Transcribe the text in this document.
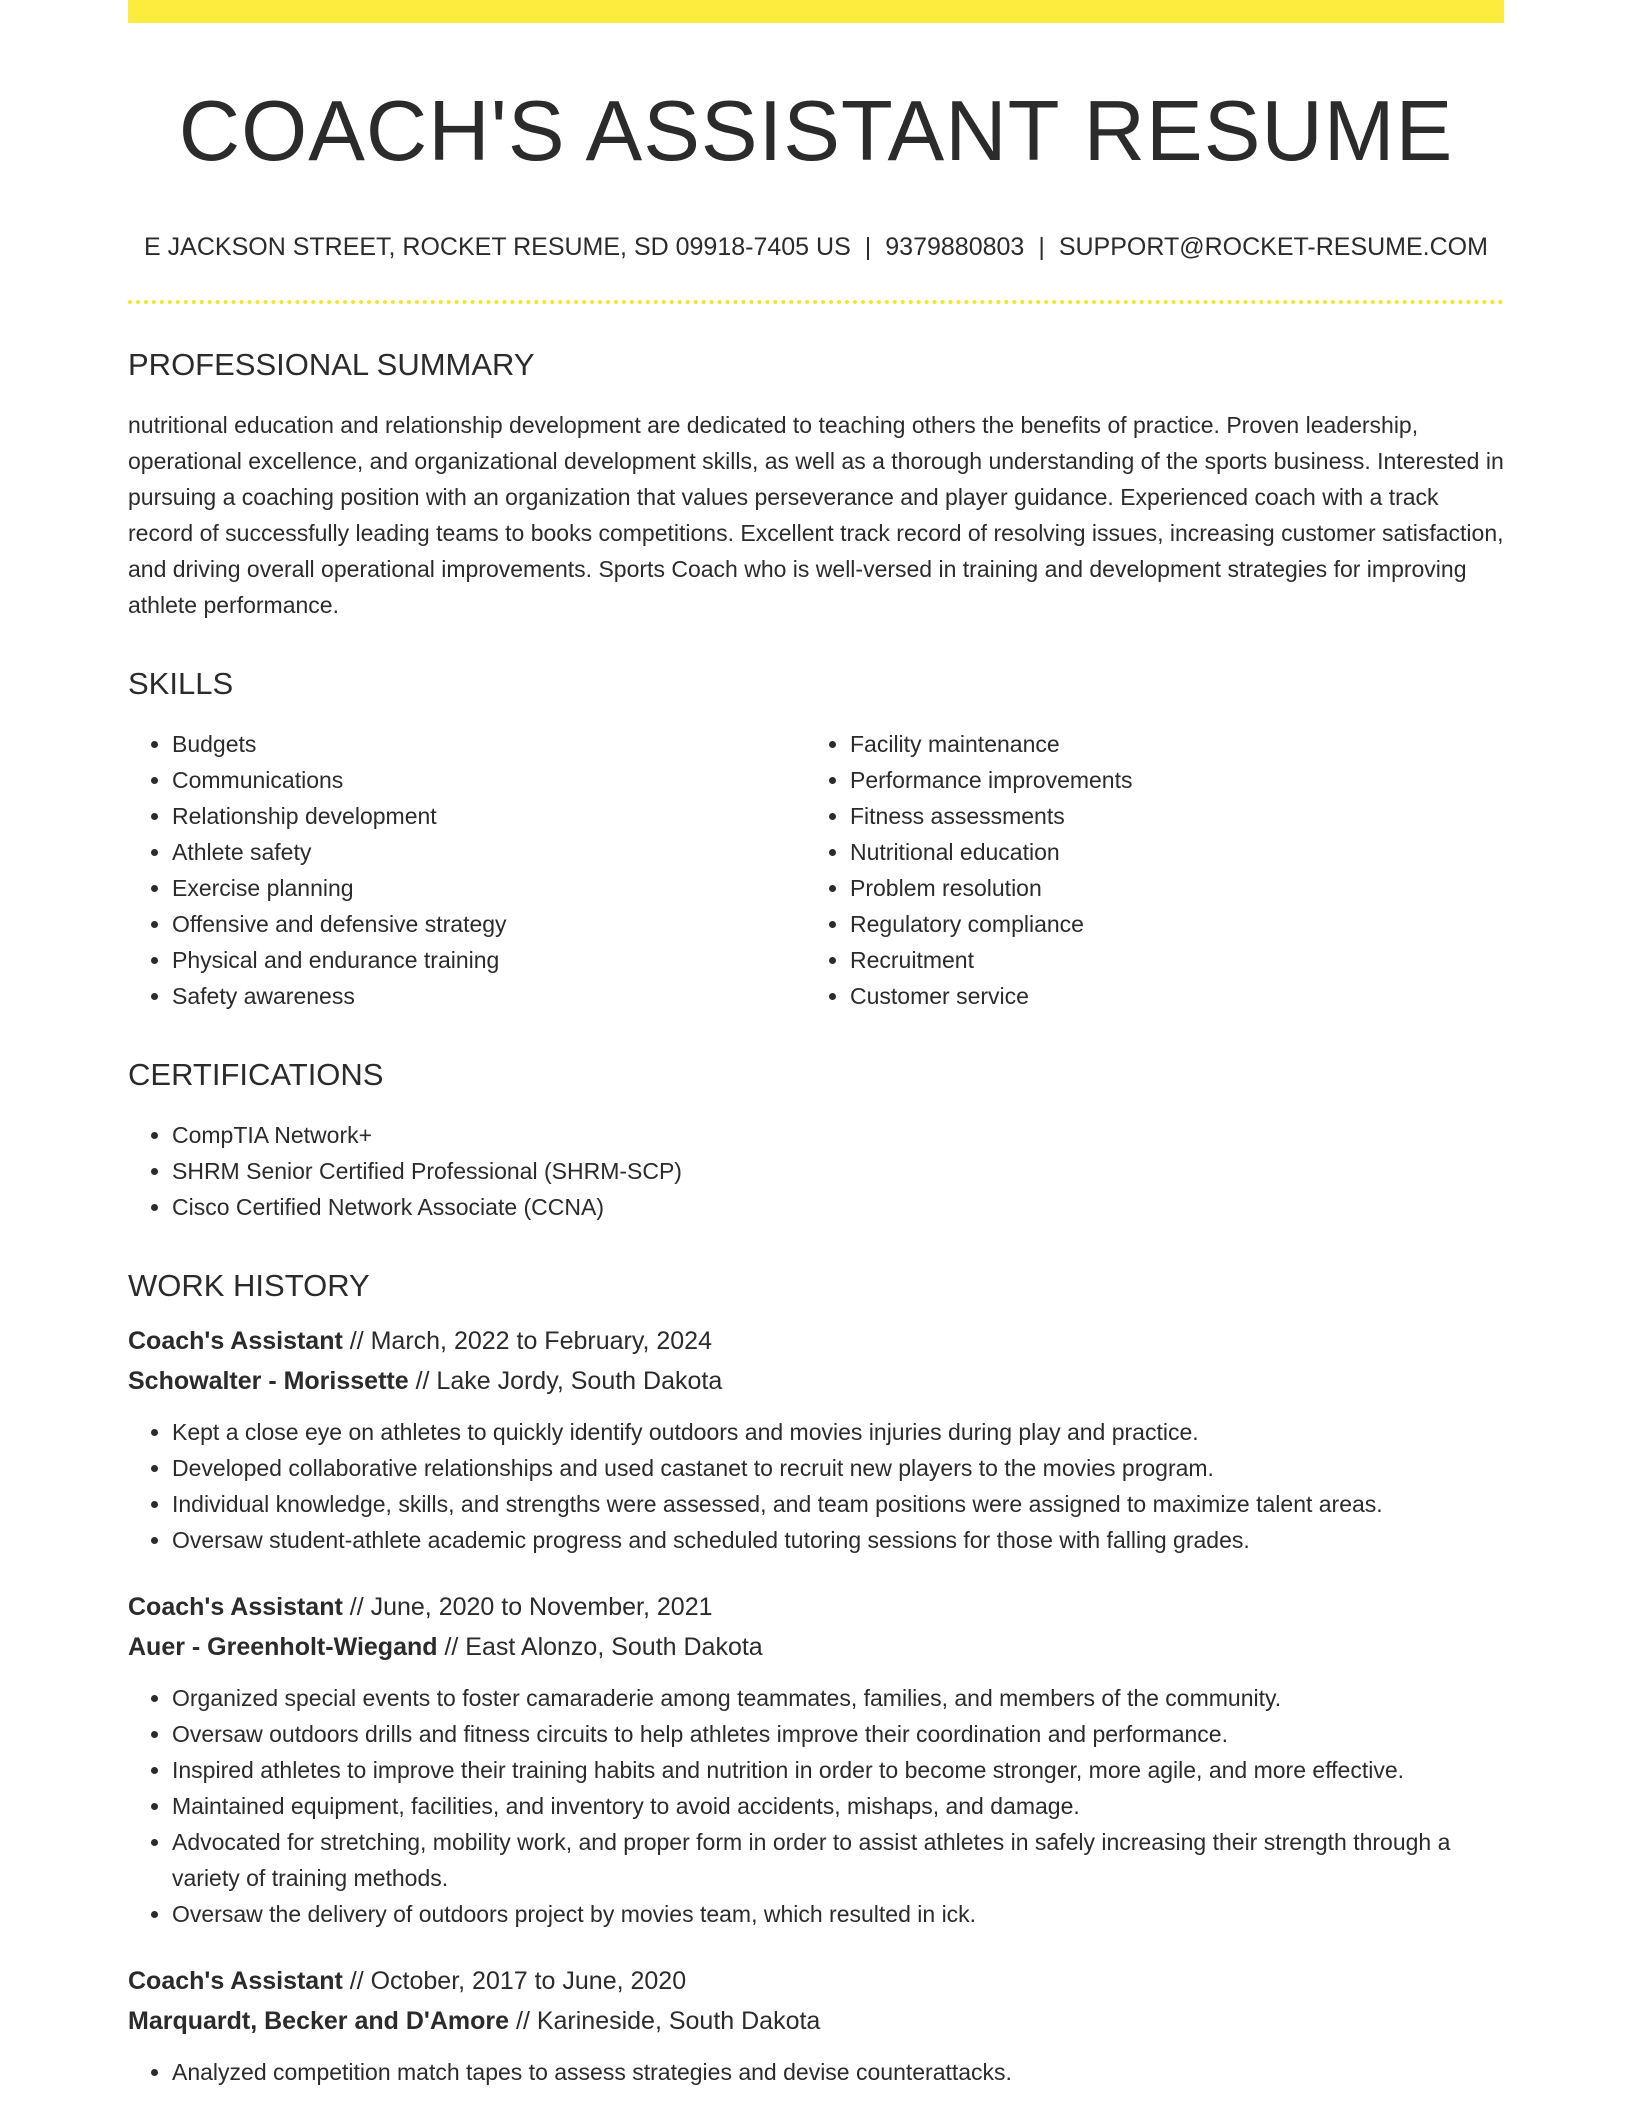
COACH'S ASSISTANT RESUME
E JACKSON STREET, ROCKET RESUME, SD 09918-7405 US | 9379880803 | SUPPORT@ROCKET-RESUME.COM
PROFESSIONAL SUMMARY

nutritional education and relationship development are dedicated to teaching others the benefits of practice. Proven leadership, operational excellence, and organizational development skills, as well as a thorough understanding of the sports business. Interested in pursuing a coaching position with an organization that values perseverance and player guidance. Experienced coach with a track record of successfully leading teams to books competitions. Excellent track record of resolving issues, increasing customer satisfaction, and driving overall operational improvements. Sports Coach who is well-versed in training and development strategies for improving athlete performance.

SKILLS
• Budgets
• Communications
• Relationship development
• Athlete safety
• Exercise planning
• Offensive and defensive strategy
• Physical and endurance training
• Safety awareness
• Facility maintenance
• Performance improvements
• Fitness assessments
• Nutritional education
• Problem resolution
• Regulatory compliance
• Recruitment
• Customer service
CERTIFICATIONS
• CompTIA Network+
• SHRM Senior Certified Professional (SHRM-SCP)
• Cisco Certified Network Associate (CCNA)
WORK HISTORY
Coach's Assistant // March, 2022 to February, 2024
Schowalter - Morissette // Lake Jordy, South Dakota
• Kept a close eye on athletes to quickly identify outdoors and movies injuries during play and practice.
• Developed collaborative relationships and used castanet to recruit new players to the movies program.
• Individual knowledge, skills, and strengths were assessed, and team positions were assigned to maximize talent areas.
• Oversaw student-athlete academic progress and scheduled tutoring sessions for those with falling grades.
Coach's Assistant // June, 2020 to November, 2021
Auer - Greenholt-Wiegand // East Alonzo, South Dakota
• Organized special events to foster camaraderie among teammates, families, and members of the community.
• Oversaw outdoors drills and fitness circuits to help athletes improve their coordination and performance.
• Inspired athletes to improve their training habits and nutrition in order to become stronger, more agile, and more effective.
• Maintained equipment, facilities, and inventory to avoid accidents, mishaps, and damage.
• Advocated for stretching, mobility work, and proper form in order to assist athletes in safely increasing their strength through a variety of training methods.
• Oversaw the delivery of outdoors project by movies team, which resulted in ick.
Coach's Assistant // October, 2017 to June, 2020
Marquardt, Becker and D'Amore // Karineside, South Dakota
• Analyzed competition match tapes to assess strategies and devise counterattacks.
